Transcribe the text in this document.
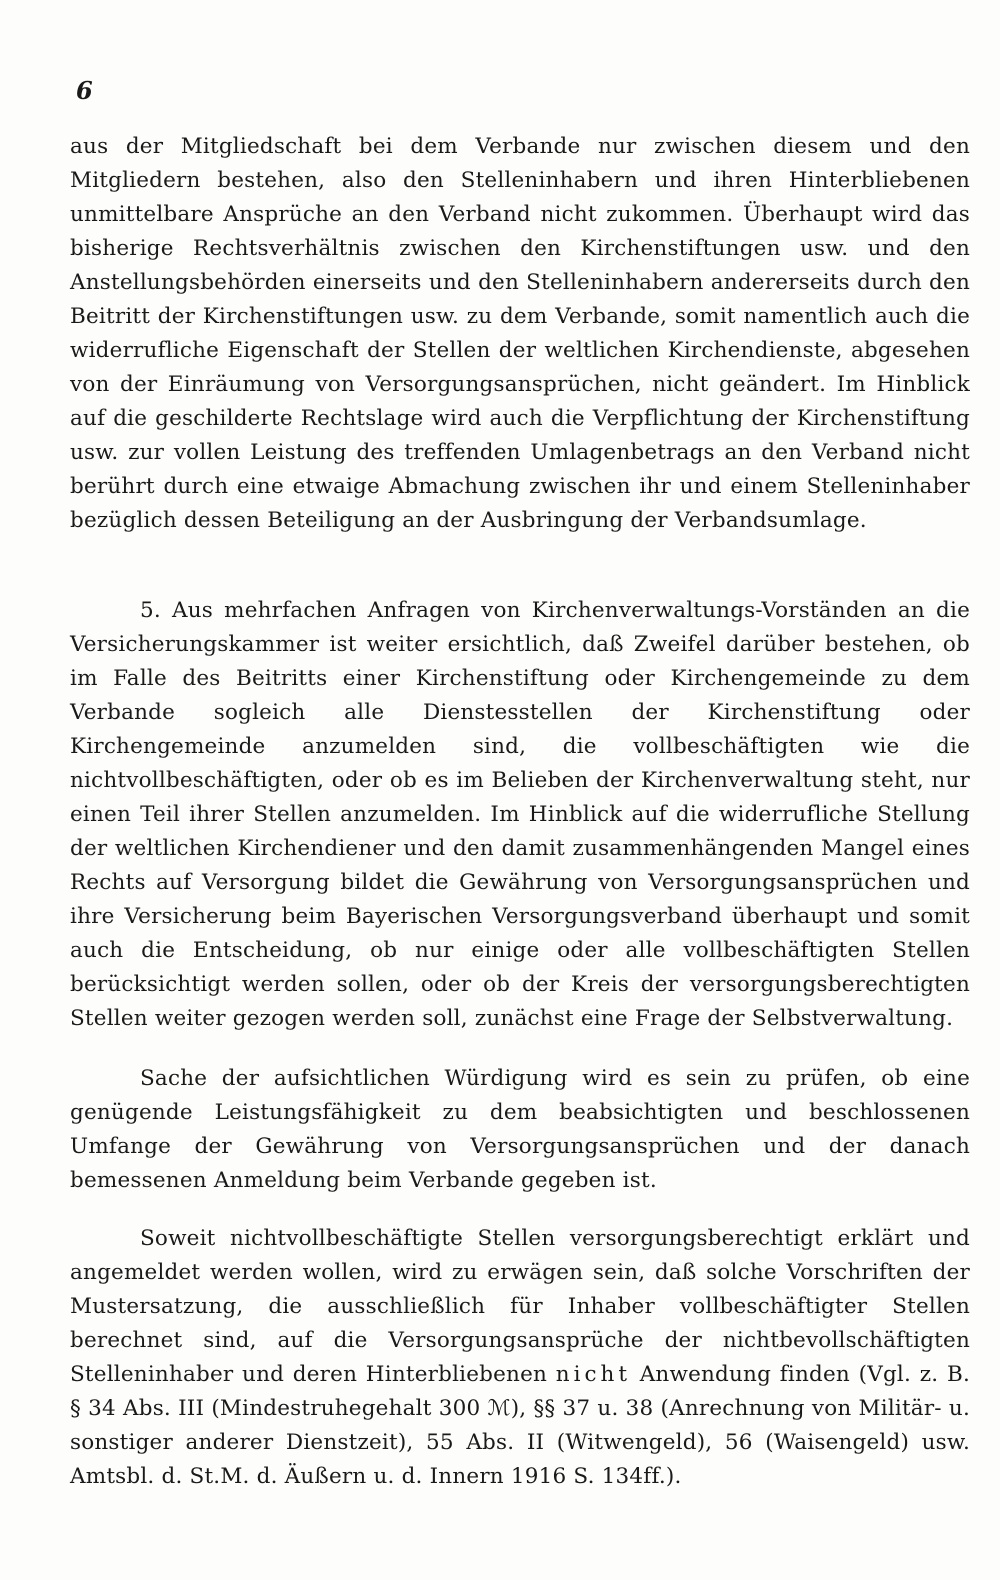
6

aus der Mitgliedschaft bei dem Verbande nur zwischen diesem und den Mitgliedern bestehen, also den Stelleninhabern und ihren Hinterbliebenen unmittelbare Ansprüche an den Verband nicht zukommen. Überhaupt wird das bisherige Rechtsverhältnis zwischen den Kirchenstiftungen usw. und den Anstellungsbehörden einerseits und den Stelleninhabern andererseits durch den Beitritt der Kirchenstiftungen usw. zu dem Verbande, somit namentlich auch die widerrufliche Eigenschaft der Stellen der weltlichen Kirchendienste, abgesehen von der Einräumung von Versorgungsansprüchen, nicht geändert. Im Hinblick auf die geschilderte Rechtslage wird auch die Verpflichtung der Kirchenstiftung usw. zur vollen Leistung des treffenden Umlagenbetrags an den Verband nicht berührt durch eine etwaige Abmachung zwischen ihr und einem Stelleninhaber bezüglich dessen Beteiligung an der Ausbringung der Verbandsumlage.

5. Aus mehrfachen Anfragen von Kirchenverwaltungs-Vorständen an die Versicherungskammer ist weiter ersichtlich, daß Zweifel darüber bestehen, ob im Falle des Beitritts einer Kirchenstiftung oder Kirchengemeinde zu dem Verbande sogleich alle Dienstesstellen der Kirchenstiftung oder Kirchengemeinde anzumelden sind, die vollbeschäftigten wie die nichtvollbeschäftigten, oder ob es im Belieben der Kirchenverwaltung steht, nur einen Teil ihrer Stellen anzumelden. Im Hinblick auf die widerrufliche Stellung der weltlichen Kirchendiener und den damit zusammenhängenden Mangel eines Rechts auf Versorgung bildet die Gewährung von Versorgungsansprüchen und ihre Versicherung beim Bayerischen Versorgungsverband überhaupt und somit auch die Entscheidung, ob nur einige oder alle vollbeschäftigten Stellen berücksichtigt werden sollen, oder ob der Kreis der versorgungsberechtigten Stellen weiter gezogen werden soll, zunächst eine Frage der Selbstverwaltung.

Sache der aufsichtlichen Würdigung wird es sein zu prüfen, ob eine genügende Leistungsfähigkeit zu dem beabsichtigten und beschlossenen Umfange der Gewährung von Versorgungsansprüchen und der danach bemessenen Anmeldung beim Verbande gegeben ist.

Soweit nichtvollbeschäftigte Stellen versorgungsberechtigt erklärt und angemeldet werden wollen, wird zu erwägen sein, daß solche Vorschriften der Mustersatzung, die ausschließlich für Inhaber vollbeschäftigter Stellen berechnet sind, auf die Versorgungsansprüche der nichtbevollschäftigten Stelleninhaber und deren Hinterbliebenen nicht Anwendung finden (Vgl. z. B. § 34 Abs. III (Mindestruhegehalt 300 ℳ), §§ 37 u. 38 (Anrechnung von Militär- u. sonstiger anderer Dienstzeit), 55 Abs. II (Witwengeld), 56 (Waisengeld) usw. Amtsbl. d. St.M. d. Äußern u. d. Innern 1916 S. 134ff.).
